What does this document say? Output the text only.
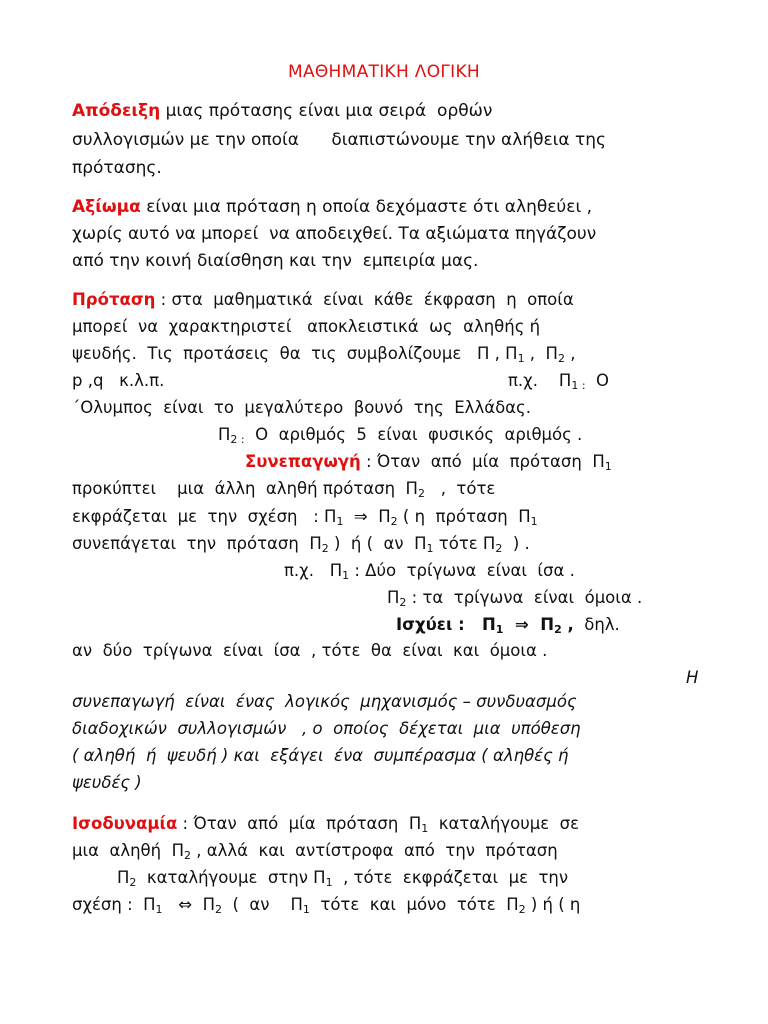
ΜΑΘΗΜΑΤΙΚΗ ΛΟΓΙΚΗ
Απόδειξη μιας πρότασης είναι μια σειρά  ορθών
συλλογισμών με την οποία      διαπιστώνουμε την αλήθεια της
πρότασης.
Αξίωμα είναι μια πρόταση η οποία δεχόμαστε ότι αληθεύει ,
χωρίς αυτό να μπορεί  να αποδειχθεί. Τα αξιώματα πηγάζουν
από την κοινή διαίσθηση και την  εμπειρία μας.
Πρόταση : στα  μαθηματικά  είναι  κάθε  έκφραση  η  οποία
μπορεί  να  χαρακτηριστεί   αποκλειστικά  ως  αληθής ή
ψευδής.  Τις  προτάσεις  θα  τις  συμβολίζουμε   Π , $\Pi_1$ ,  $\Pi_2$ ,
p ,q   κ.λ.π.	π.χ.    $\Pi_{1 :}$  Ο
΄Ολυμπος  είναι  το  μεγαλύτερο  βουνό  της  Ελλάδας.
$\Pi_{2 :}$  Ο  αριθμός  5  είναι  φυσικός  αριθμός .
Συνεπαγωγή : Όταν  από  μία  πρόταση  $\Pi_1$
προκύπτει    μια  άλλη  αληθή πρόταση  $\Pi_2$   ,  τότε
εκφράζεται  με  την  σχέση   : $\Pi_1$  ⇒  $\Pi_2$ ( η  πρόταση  $\Pi_1$
συνεπάγεται  την  πρόταση  $\Pi_2$ )  ή (  αν  $\Pi_1$ τότε $\Pi_2$  ) .
π.χ.   $\Pi_1$ : Δύο  τρίγωνα  είναι  ίσα .
$\Pi_2$ : τα  τρίγωνα  είναι  όμοια .
Ισχύει :   $\Pi_1$  ⇒  $\Pi_2$ ,  δηλ.
αν  δύο  τρίγωνα  είναι  ίσα  , τότε  θα  είναι  και  όμοια .
Η
συνεπαγωγή  είναι  ένας  λογικός  μηχανισμός – συνδυασμός
διαδοχικών  συλλογισμών   , ο  οποίος  δέχεται  μια  υπόθεση
( αληθή  ή  ψευδή ) και  εξάγει  ένα  συμπέρασμα ( αληθές ή
ψευδές )
Ισοδυναμία : Όταν  από  μία  πρόταση  $\Pi_1$  καταλήγουμε  σε
μια  αληθή  $\Pi_2$ , αλλά  και  αντίστροφα  από  την  πρόταση
$\Pi_2$  καταλήγουμε  στην $\Pi_1$  , τότε  εκφράζεται  με  την
σχέση :  $\Pi_1$   ⇔  $\Pi_2$  (  αν    $\Pi_1$  τότε  και  μόνο  τότε  $\Pi_2$ ) ή ( η
